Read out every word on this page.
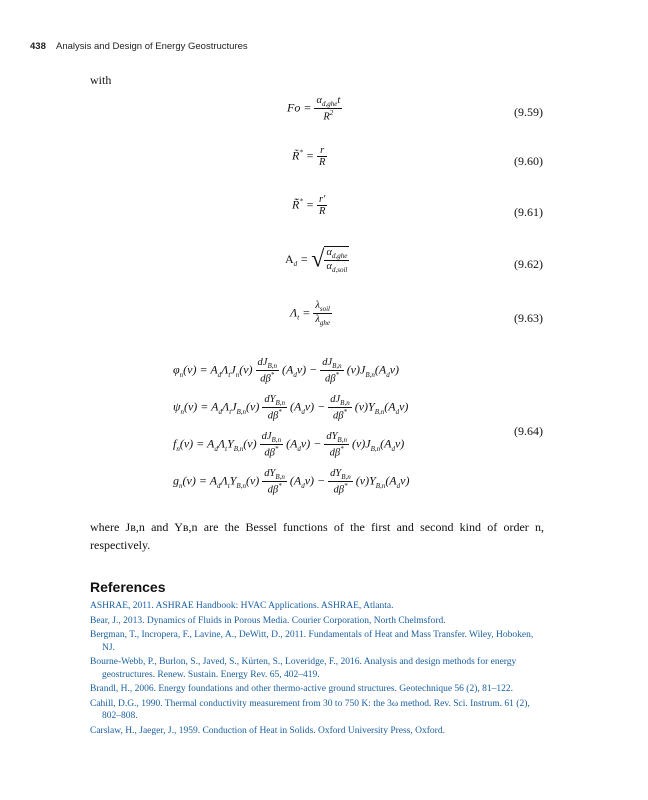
438 Analysis and Design of Energy Geostructures
with
$Fo = \frac{\alpha_{d,ghe}t}{R^2}$	(9.59)
R̃* = $\frac{r}{R}$	(9.60)
R̃̃* = $\frac{r'}{R}$	(9.61)
$A_d$ = √ $\frac{\alpha_{d,ghe}}{\alpha_{d,soil}}$	(9.62)
$\Lambda_t = \frac{\lambda_{soil}}{\lambda_{ghe}}$	(9.63)
$\varphi_n(\nu) = A_d\Lambda_tJ_n(\nu) \frac{dJ_{B,n}}{d\beta^*} (A_d\nu) - \frac{dJ_{B,n}}{d\beta^*} (\nu)J_{B,n}(A_d\nu)$
$\psi_n(\nu) = A_d\Lambda_tJ_{B,n}(\nu) \frac{dY_{B,n}}{d\beta^*} (A_d\nu) - \frac{dJ_{B,n}}{d\beta^*} (\nu)Y_{B,n}(A_d\nu)$
$f_n(\nu) = A_d\Lambda_tY_{B,n}(\nu) \frac{dJ_{B,n}}{d\beta^*} (A_d\nu) - \frac{dY_{B,n}}{d\beta^*} (\nu)J_{B,n}(A_d\nu)$
$g_n(\nu) = A_d\Lambda_tY_{B,n}(\nu) \frac{dY_{B,n}}{d\beta^*} (A_d\nu) - \frac{dY_{B,n}}{d\beta^*} (\nu)Y_{B,n}(A_d\nu)$
(9.64)
where Jʙ,n and Yʙ,n are the Bessel functions of the first and second kind of order n, respectively.
References
ASHRAE, 2011. ASHRAE Handbook: HVAC Applications. ASHRAE, Atlanta.
Bear, J., 2013. Dynamics of Fluids in Porous Media. Courier Corporation, North Chelmsford.
Bergman, T., Incropera, F., Lavine, A., DeWitt, D., 2011. Fundamentals of Heat and Mass Transfer. Wiley, Hoboken, NJ.
Bourne-Webb, P., Burlon, S., Javed, S., Kürten, S., Loveridge, F., 2016. Analysis and design methods for energy geostructures. Renew. Sustain. Energy Rev. 65, 402–419.
Brandl, H., 2006. Energy foundations and other thermo-active ground structures. Geotechnique 56 (2), 81–122.
Cahill, D.G., 1990. Thermal conductivity measurement from 30 to 750 K: the 3ω method. Rev. Sci. Instrum. 61 (2), 802–808.
Carslaw, H., Jaeger, J., 1959. Conduction of Heat in Solids. Oxford University Press, Oxford.
